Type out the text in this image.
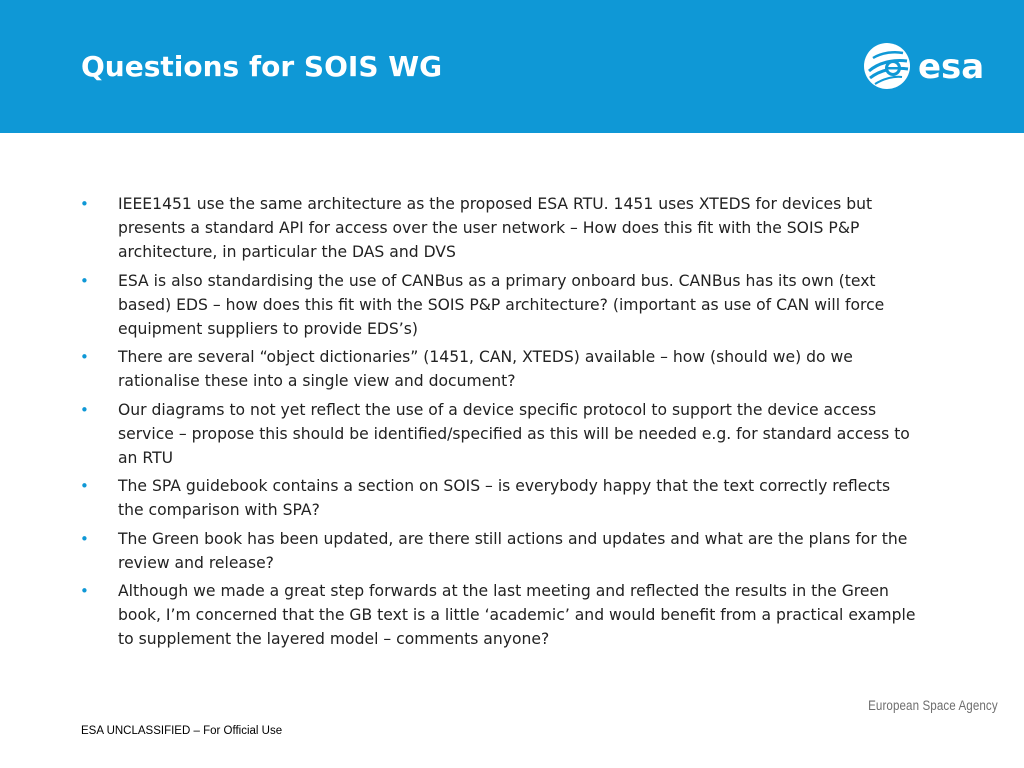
Questions for SOIS WG	esa
• IEEE1451 use the same architecture as the proposed ESA RTU. 1451 uses XTEDS for devices but presents a standard API for access over the user network – How does this fit with the SOIS P&P architecture, in particular the DAS and DVS
• ESA is also standardising the use of CANBus as a primary onboard bus. CANBus has its own (text based) EDS – how does this fit with the SOIS P&P architecture? (important as use of CAN will force equipment suppliers to provide EDS’s)
• There are several “object dictionaries” (1451, CAN, XTEDS) available – how (should we) do we rationalise these into a single view and document?
• Our diagrams to not yet reflect the use of a device specific protocol to support the device access service – propose this should be identified/specified as this will be needed e.g. for standard access to an RTU
• The SPA guidebook contains a section on SOIS – is everybody happy that the text correctly reflects the comparison with SPA?
• The Green book has been updated, are there still actions and updates and what are the plans for the review and release?
• Although we made a great step forwards at the last meeting and reflected the results in the Green book, I’m concerned that the GB text is a little ‘academic’ and would benefit from a practical example to supplement the layered model – comments anyone?
European Space Agency
ESA UNCLASSIFIED – For Official Use
